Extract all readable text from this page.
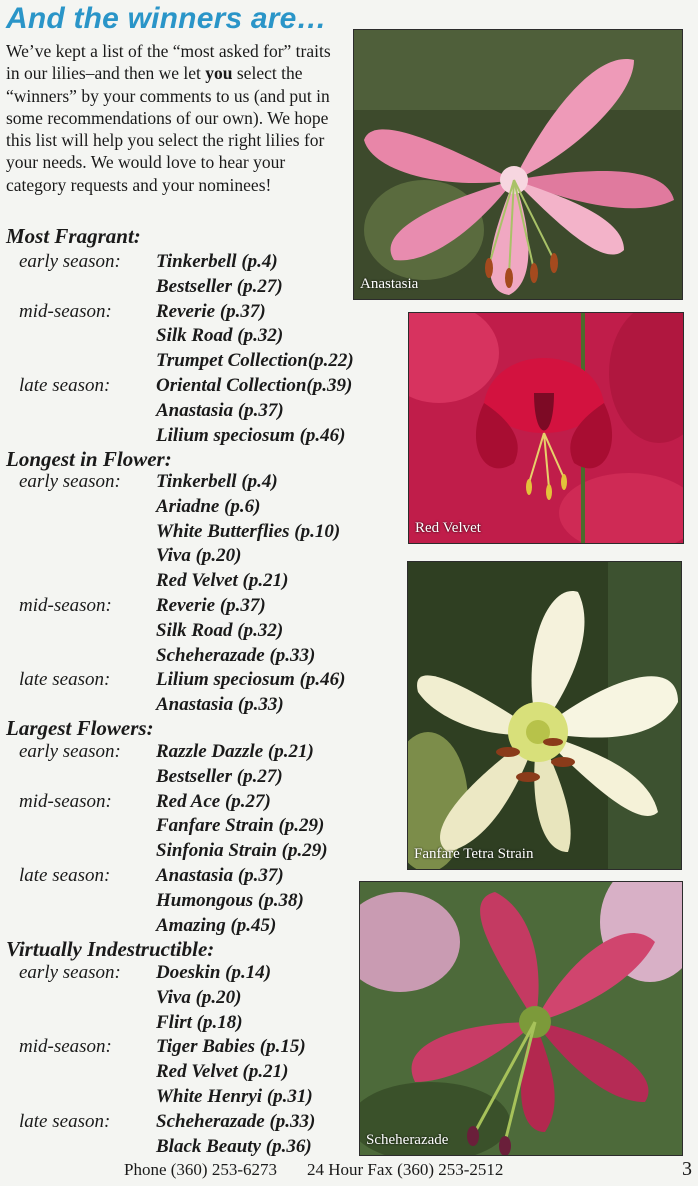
And the winners are…
We’ve kept a list of the “most asked for” traits in our lilies–and then we let you select the “winners” by your comments to us (and put in some recommendations of our own). We hope this list will help you select the right lilies for your needs. We would love to hear your category requests and your nominees!
Most Fragrant:
early season: Tinkerbell (p.4)
Bestseller (p.27)
mid-season: Reverie (p.37)
Silk Road (p.32)
Trumpet Collection(p.22)
late season: Oriental Collection(p.39)
Anastasia (p.37)
Lilium speciosum (p.46)
Longest in Flower:
early season: Tinkerbell (p.4)
Ariadne (p.6)
White Butterflies (p.10)
Viva (p.20)
Red Velvet (p.21)
mid-season: Reverie (p.37)
Silk Road (p.32)
Scheherazade (p.33)
late season: Lilium speciosum (p.46)
Anastasia (p.33)
Largest Flowers:
early season: Razzle Dazzle (p.21)
Bestseller (p.27)
mid-season: Red Ace (p.27)
Fanfare Strain (p.29)
Sinfonia Strain (p.29)
late season: Anastasia (p.37)
Humongous (p.38)
Amazing (p.45)
Virtually Indestructible:
early season: Doeskin (p.14)
Viva (p.20)
Flirt (p.18)
mid-season: Tiger Babies (p.15)
Red Velvet (p.21)
White Henryi (p.31)
late season: Scheherazade (p.33)
Black Beauty (p.36)
Anastasia
Red Velvet
Fanfare Tetra Strain
Scheherazade
Phone (360) 253-6273 24 Hour Fax (360) 253-2512	3
